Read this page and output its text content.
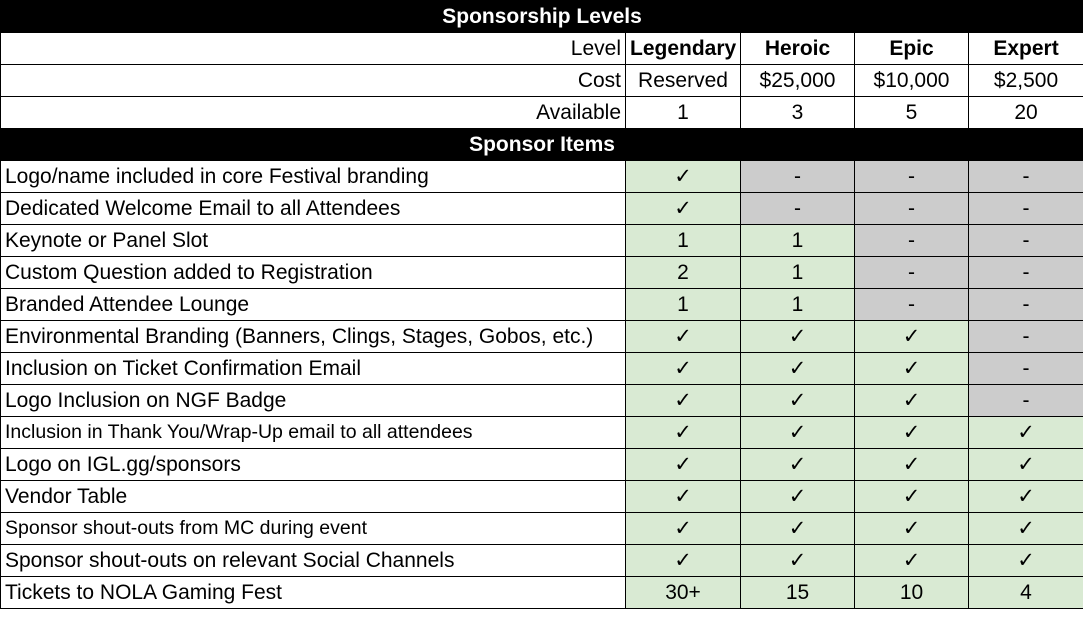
Sponsorship Levels				
Level	Legendary	Heroic	Epic	Expert
Cost	Reserved	$25,000	$10,000	$2,500
Available	1	3	5	20
Sponsor Items				
Logo/name included in core Festival branding	✓	-	-	-
Dedicated Welcome Email to all Attendees	✓	-	-	-
Keynote or Panel Slot	1	1	-	-
Custom Question added to Registration	2	1	-	-
Branded Attendee Lounge	1	1	-	-
Environmental Branding (Banners, Clings, Stages, Gobos, etc.)	✓	✓	✓	-
Inclusion on Ticket Confirmation Email	✓	✓	✓	-
Logo Inclusion on NGF Badge	✓	✓	✓	-
Inclusion in Thank You/Wrap-Up email to all attendees	✓	✓	✓	✓
Logo on IGL.gg/sponsors	✓	✓	✓	✓
Vendor Table	✓	✓	✓	✓
Sponsor shout-outs from MC during event	✓	✓	✓	✓
Sponsor shout-outs on relevant Social Channels	✓	✓	✓	✓
Tickets to NOLA Gaming Fest	30+	15	10	4
